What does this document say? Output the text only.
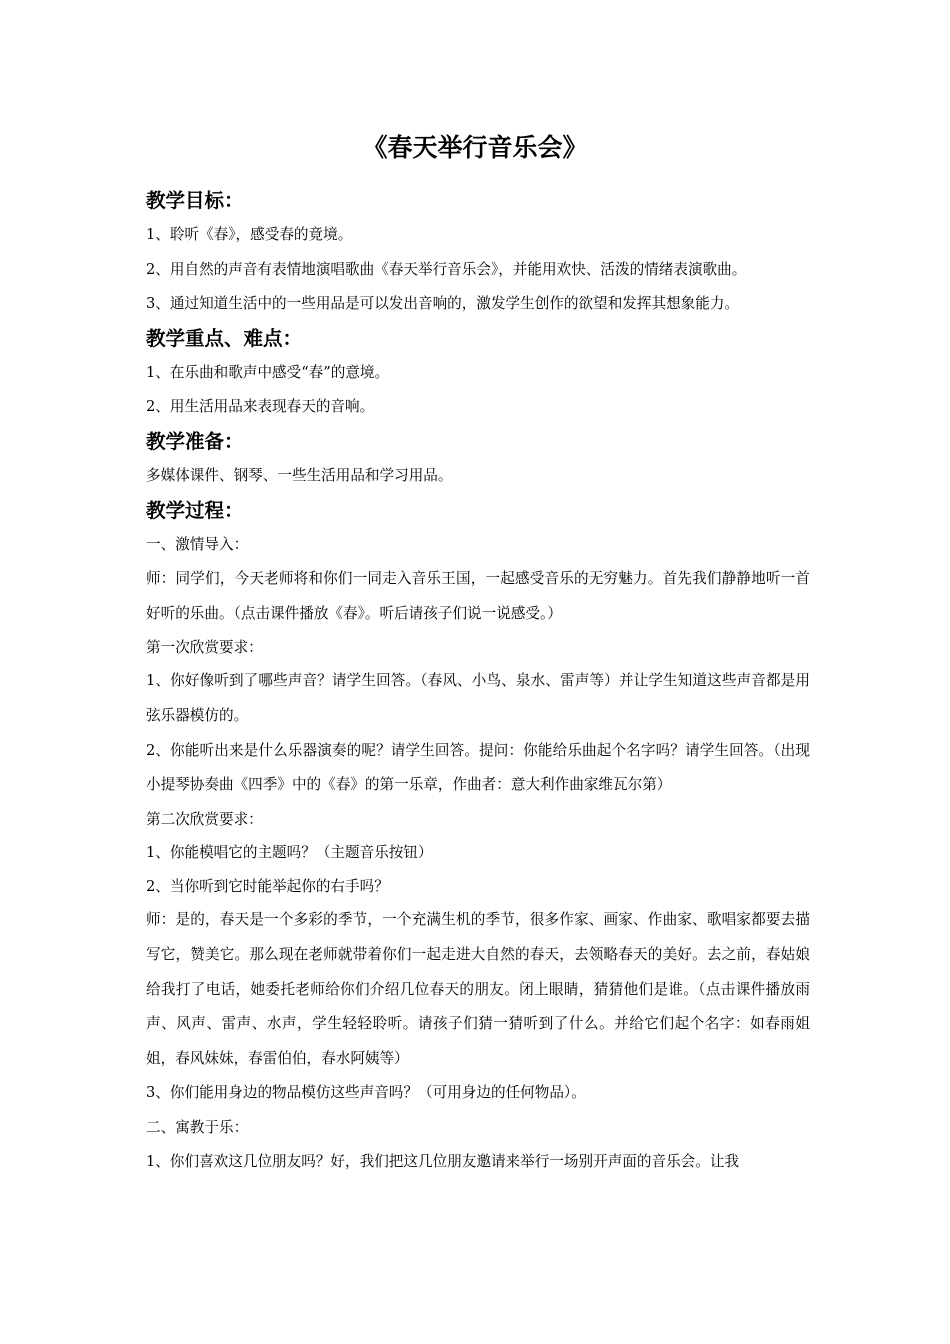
《春天举行音乐会》
教学目标：
1、聆听《春》，感受春的竟境。
2、用自然的声音有表情地演唱歌曲《春天举行音乐会》，并能用欢快、活泼的情绪表演歌曲。
3、通过知道生活中的一些用品是可以发出音响的，激发学生创作的欲望和发挥其想象能力。
教学重点、难点：
1、在乐曲和歌声中感受“春”的意境。
2、用生活用品来表现春天的音响。
教学准备：
多媒体课件、钢琴、一些生活用品和学习用品。
教学过程：
一、激情导入：
师：同学们，今天老师将和你们一同走入音乐王国，一起感受音乐的无穷魅力。首先我们静静地听一首好听的乐曲。（点击课件播放《春》。听后请孩子们说一说感受。）
第一次欣赏要求：
1、你好像听到了哪些声音？请学生回答。（春风、小鸟、泉水、雷声等）并让学生知道这些声音都是用弦乐器模仿的。
2、你能听出来是什么乐器演奏的呢？请学生回答。提问：你能给乐曲起个名字吗？请学生回答。（出现小提琴协奏曲《四季》中的《春》的第一乐章，作曲者：意大利作曲家维瓦尔第）
第二次欣赏要求：
1、你能模唱它的主题吗？（主题音乐按钮）
2、当你听到它时能举起你的右手吗？
师：是的，春天是一个多彩的季节，一个充满生机的季节，很多作家、画家、作曲家、歌唱家都要去描写它，赞美它。那么现在老师就带着你们一起走进大自然的春天，去领略春天的美好。去之前，春姑娘给我打了电话，她委托老师给你们介绍几位春天的朋友。闭上眼睛，猜猜他们是谁。（点击课件播放雨声、风声、雷声、水声，学生轻轻聆听。请孩子们猜一猜听到了什么。并给它们起个名字：如春雨姐姐，春风妹妹，春雷伯伯，春水阿姨等）
3、你们能用身边的物品模仿这些声音吗？（可用身边的任何物品）。
二、寓教于乐：
1、你们喜欢这几位朋友吗？好，我们把这几位朋友邀请来举行一场别开声面的音乐会。让我
